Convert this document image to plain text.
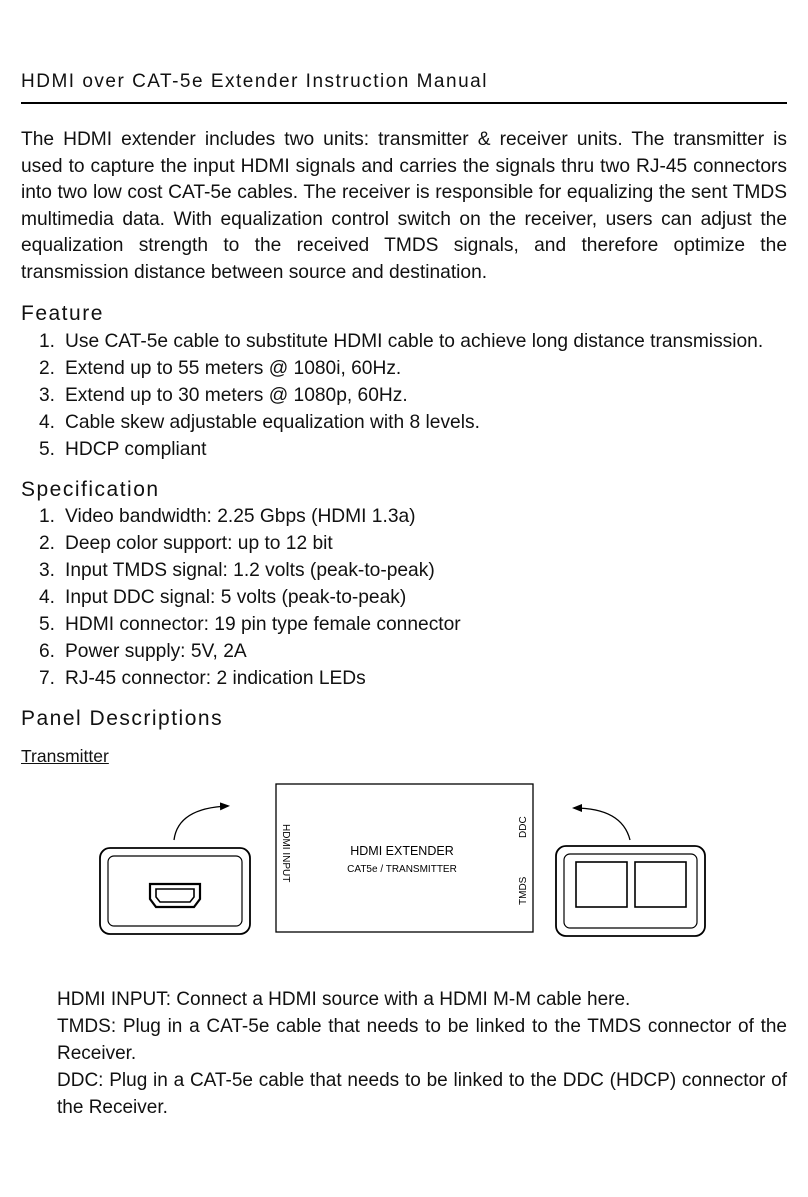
HDMI over CAT-5e Extender Instruction Manual

The HDMI extender includes two units: transmitter & receiver units. The transmitter is used to capture the input HDMI signals and carries the signals thru two RJ-45 connectors into two low cost CAT-5e cables. The receiver is responsible for equalizing the sent TMDS multimedia data. With equalization control switch on the receiver, users can adjust the equalization strength to the received TMDS signals, and therefore optimize the transmission distance between source and destination.

Feature
1. Use CAT-5e cable to substitute HDMI cable to achieve long distance transmission.
2. Extend up to 55 meters @ 1080i, 60Hz.
3. Extend up to 30 meters @ 1080p, 60Hz.
4. Cable skew adjustable equalization with 8 levels.
5. HDCP compliant
Specification
1. Video bandwidth: 2.25 Gbps (HDMI 1.3a)
2. Deep color support: up to 12 bit
3. Input TMDS signal: 1.2 volts (peak-to-peak)
4. Input DDC signal: 5 volts (peak-to-peak)
5. HDMI connector: 19 pin type female connector
6. Power supply: 5V, 2A
7. RJ-45 connector: 2 indication LEDs
Panel Descriptions
Transmitter
HDMI EXTENDER
CAT5e / TRANSMITTER
HDMI INPUT	DDC
TMDS

HDMI INPUT: Connect a HDMI source with a HDMI M-M cable here.

TMDS: Plug in a CAT-5e cable that needs to be linked to the TMDS connector of the Receiver.

DDC: Plug in a CAT-5e cable that needs to be linked to the DDC (HDCP) connector of the Receiver.
